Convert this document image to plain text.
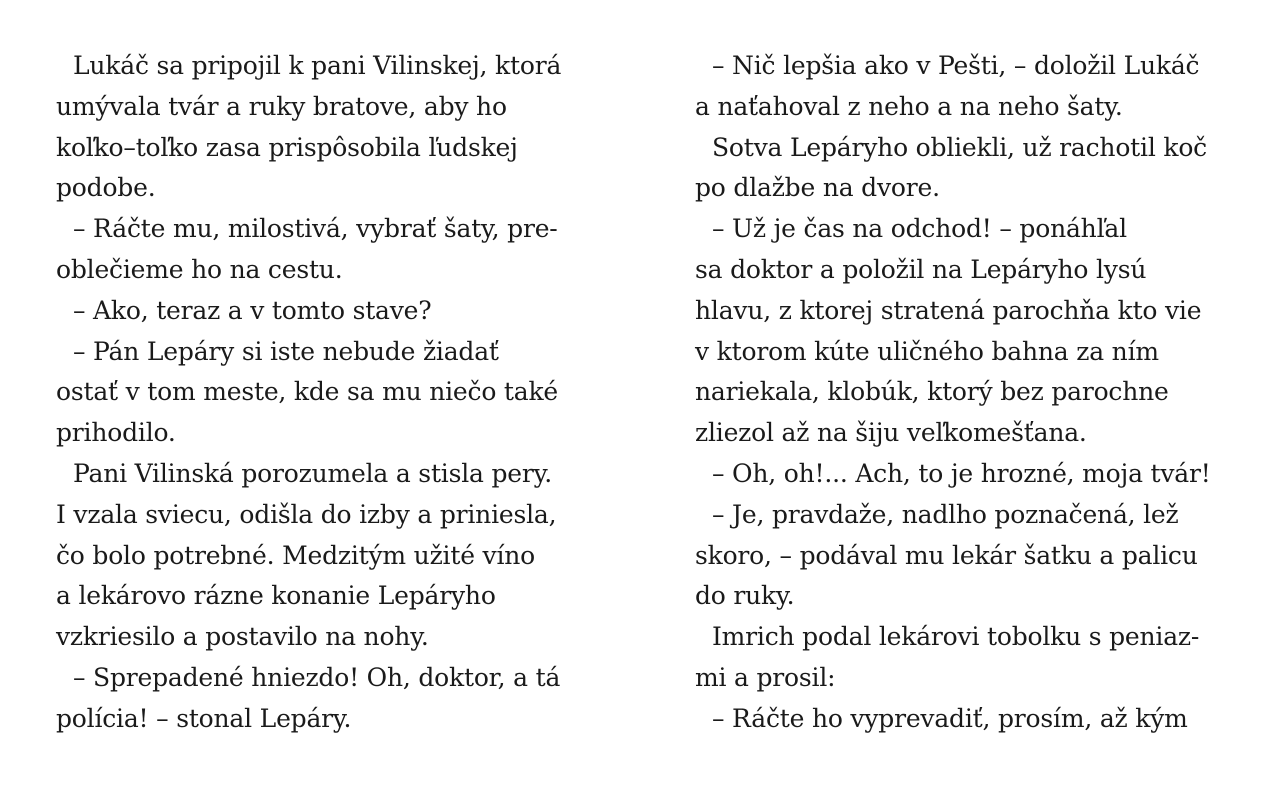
Lukáč sa pripojil k pani Vilinskej, ktorá
umývala tvár a ruky bratove, aby ho
koľko–toľko zasa prispôsobila ľudskej
podobe.
– Ráčte mu, milostivá, vybrať šaty, pre-
oblečieme ho na cestu.
– Ako, teraz a v tomto stave?
– Pán Lepáry si iste nebude žiadať
ostať v tom meste, kde sa mu niečo také
prihodilo.
Pani Vilinská porozumela a stisla pery.
I vzala sviecu, odišla do izby a priniesla,
čo bolo potrebné. Medzitým užité víno
a lekárovo rázne konanie Lepáryho
vzkriesilo a postavilo na nohy.
– Sprepadené hniezdo! Oh, doktor, a tá
polícia! – stonal Lepáry.
– Nič lepšia ako v Pešti, – doložil Lukáč
a naťahoval z neho a na neho šaty.
Sotva Lepáryho obliekli, už rachotil koč
po dlažbe na dvore.
– Už je čas na odchod! – ponáhľal
sa doktor a položil na Lepáryho lysú
hlavu, z ktorej stratená parochňa kto vie
v ktorom kúte uličného bahna za ním
nariekala, klobúk, ktorý bez parochne
zliezol až na šiju veľkomešťana.
– Oh, oh!... Ach, to je hrozné, moja tvár!
– Je, pravdaže, nadlho poznačená, lež
skoro, – podával mu lekár šatku a palicu
do ruky.
Imrich podal lekárovi tobolku s peniaz-
mi a prosil:
– Ráčte ho vyprevadiť, prosím, až kým
